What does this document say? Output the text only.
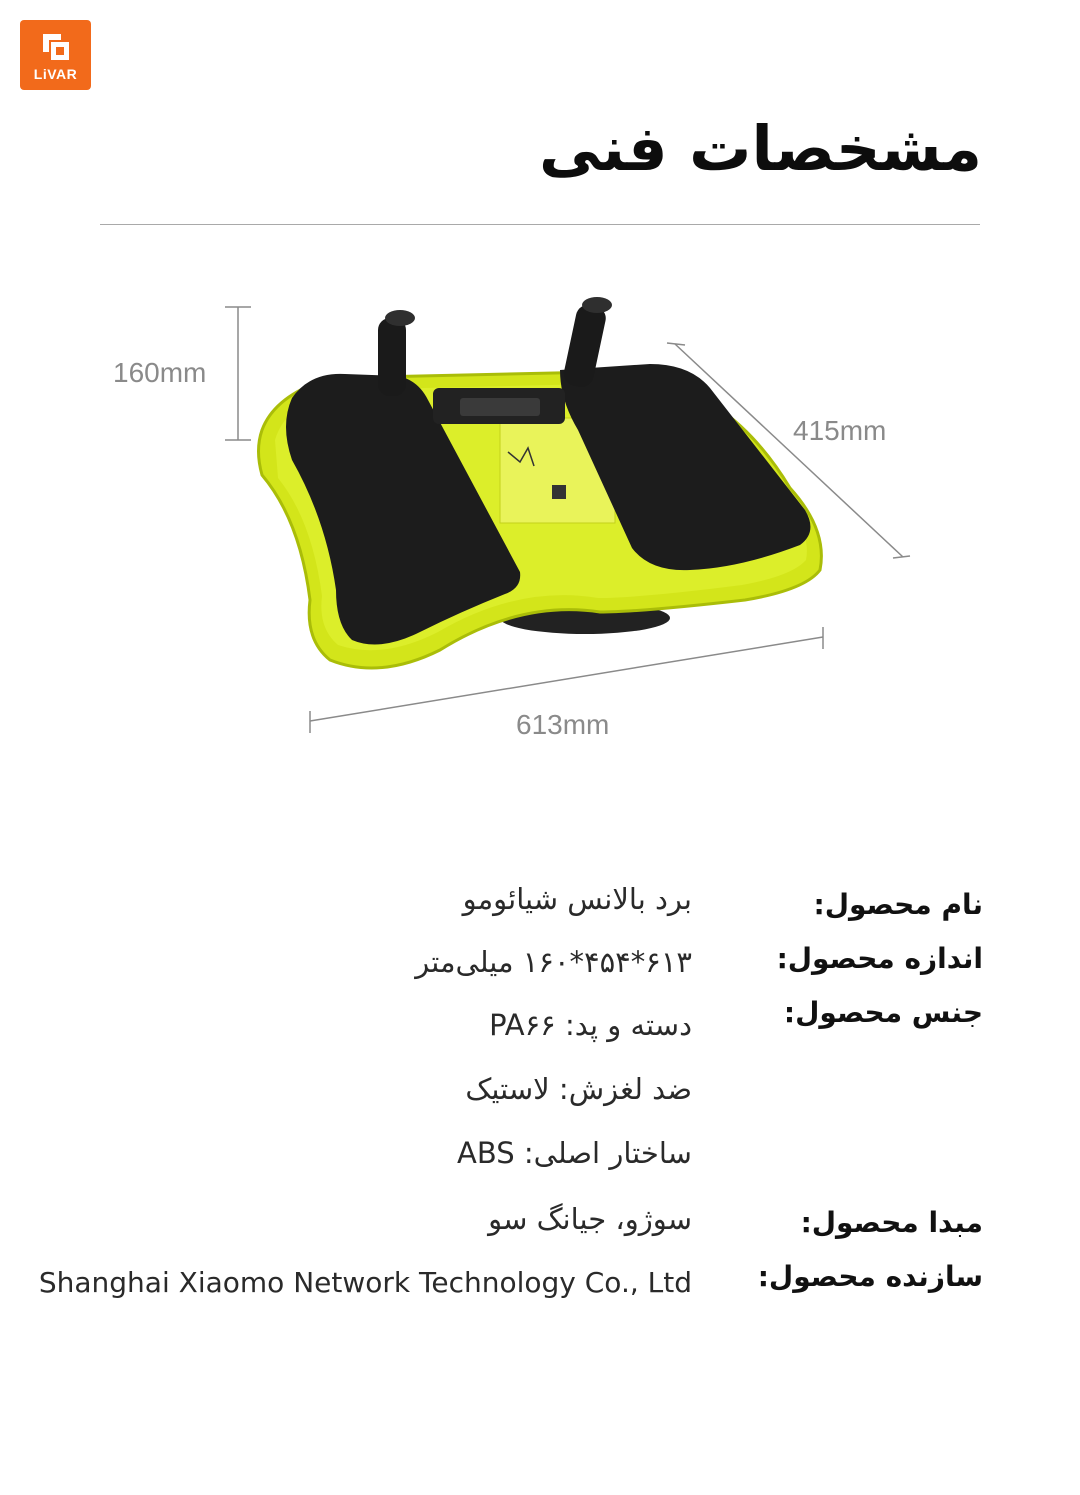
LiVAR
مشخصات فنی
160mm
415mm
613mm
نام محصول:
برد بالانس شیائومو
اندازه محصول:
۶۱۳*۴۵۴*۱۶۰ میلی‌متر
جنس محصول:
دسته و پد: PA۶۶
ضد لغزش: لاستیک
ساختار اصلی: ABS
مبدا محصول:
سوژو، جیانگ سو
سازنده محصول:
Shanghai Xiaomo Network Technology Co., Ltd
